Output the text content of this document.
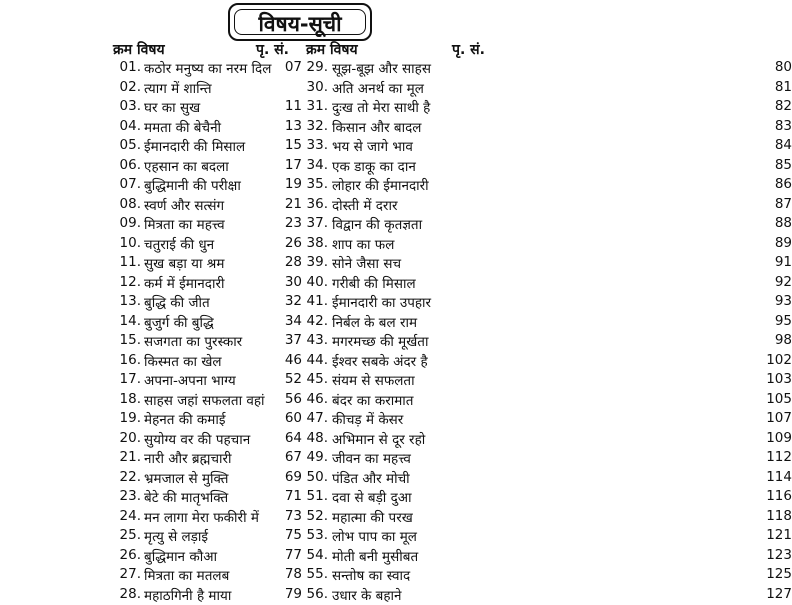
विषय-सूची
क्रम विषय	पृ. सं. क्रम विषय	पृ. सं.
01. कठोर मनुष्य का नरम दिल 07
02. त्याग में शान्ति
03. घर का सुख	11
04. ममता की बेचैनी	13
05. ईमानदारी की मिसाल	15
06. एहसान का बदला	17
07. बुद्धिमानी की परीक्षा	19
08. स्वर्ण और सत्संग	21
09. मित्रता का महत्त्व	23
10. चतुराई की धुन	26
11. सुख बड़ा या श्रम	28
12. कर्म में ईमानदारी	30
13. बुद्धि की जीत	32
14. बुजुर्ग की बुद्धि	34
15. सजगता का पुरस्कार	37
16. किस्मत का खेल	46
17. अपना-अपना भाग्य	52
18. साहस जहां सफलता वहां	56
19. मेहनत की कमाई	60
20. सुयोग्य वर की पहचान	64
21. नारी और ब्रह्मचारी	67
22. भ्रमजाल से मुक्ति	69
23. बेटे की मातृभक्ति	71
24. मन लागा मेरा फकीरी में	73
25. मृत्यु से लड़ाई	75
26. बुद्धिमान कौआ	77
27. मित्रता का मतलब	78
28. महाठगिनी है माया	79
29. सूझ-बूझ और साहस	80
30. अति अनर्थ का मूल	81
31. दुःख तो मेरा साथी है	82
32. किसान और बादल	83
33. भय से जागे भाव	84
34. एक डाकू का दान	85
35. लोहार की ईमानदारी	86
36. दोस्ती में दरार	87
37. विद्वान की कृतज्ञता	88
38. शाप का फल	89
39. सोने जैसा सच	91
40. गरीबी की मिसाल	92
41. ईमानदारी का उपहार	93
42. निर्बल के बल राम	95
43. मगरमच्छ की मूर्खता	98
44. ईश्वर सबके अंदर है	102
45. संयम से सफलता	103
46. बंदर का करामात	105
47. कीचड़ में केसर	107
48. अभिमान से दूर रहो	109
49. जीवन का महत्त्व	112
50. पंडित और मोची	114
51. दवा से बड़ी दुआ	116
52. महात्मा की परख	118
53. लोभ पाप का मूल	121
54. मोती बनी मुसीबत	123
55. सन्तोष का स्वाद	125
56. उधार के बहाने	127
